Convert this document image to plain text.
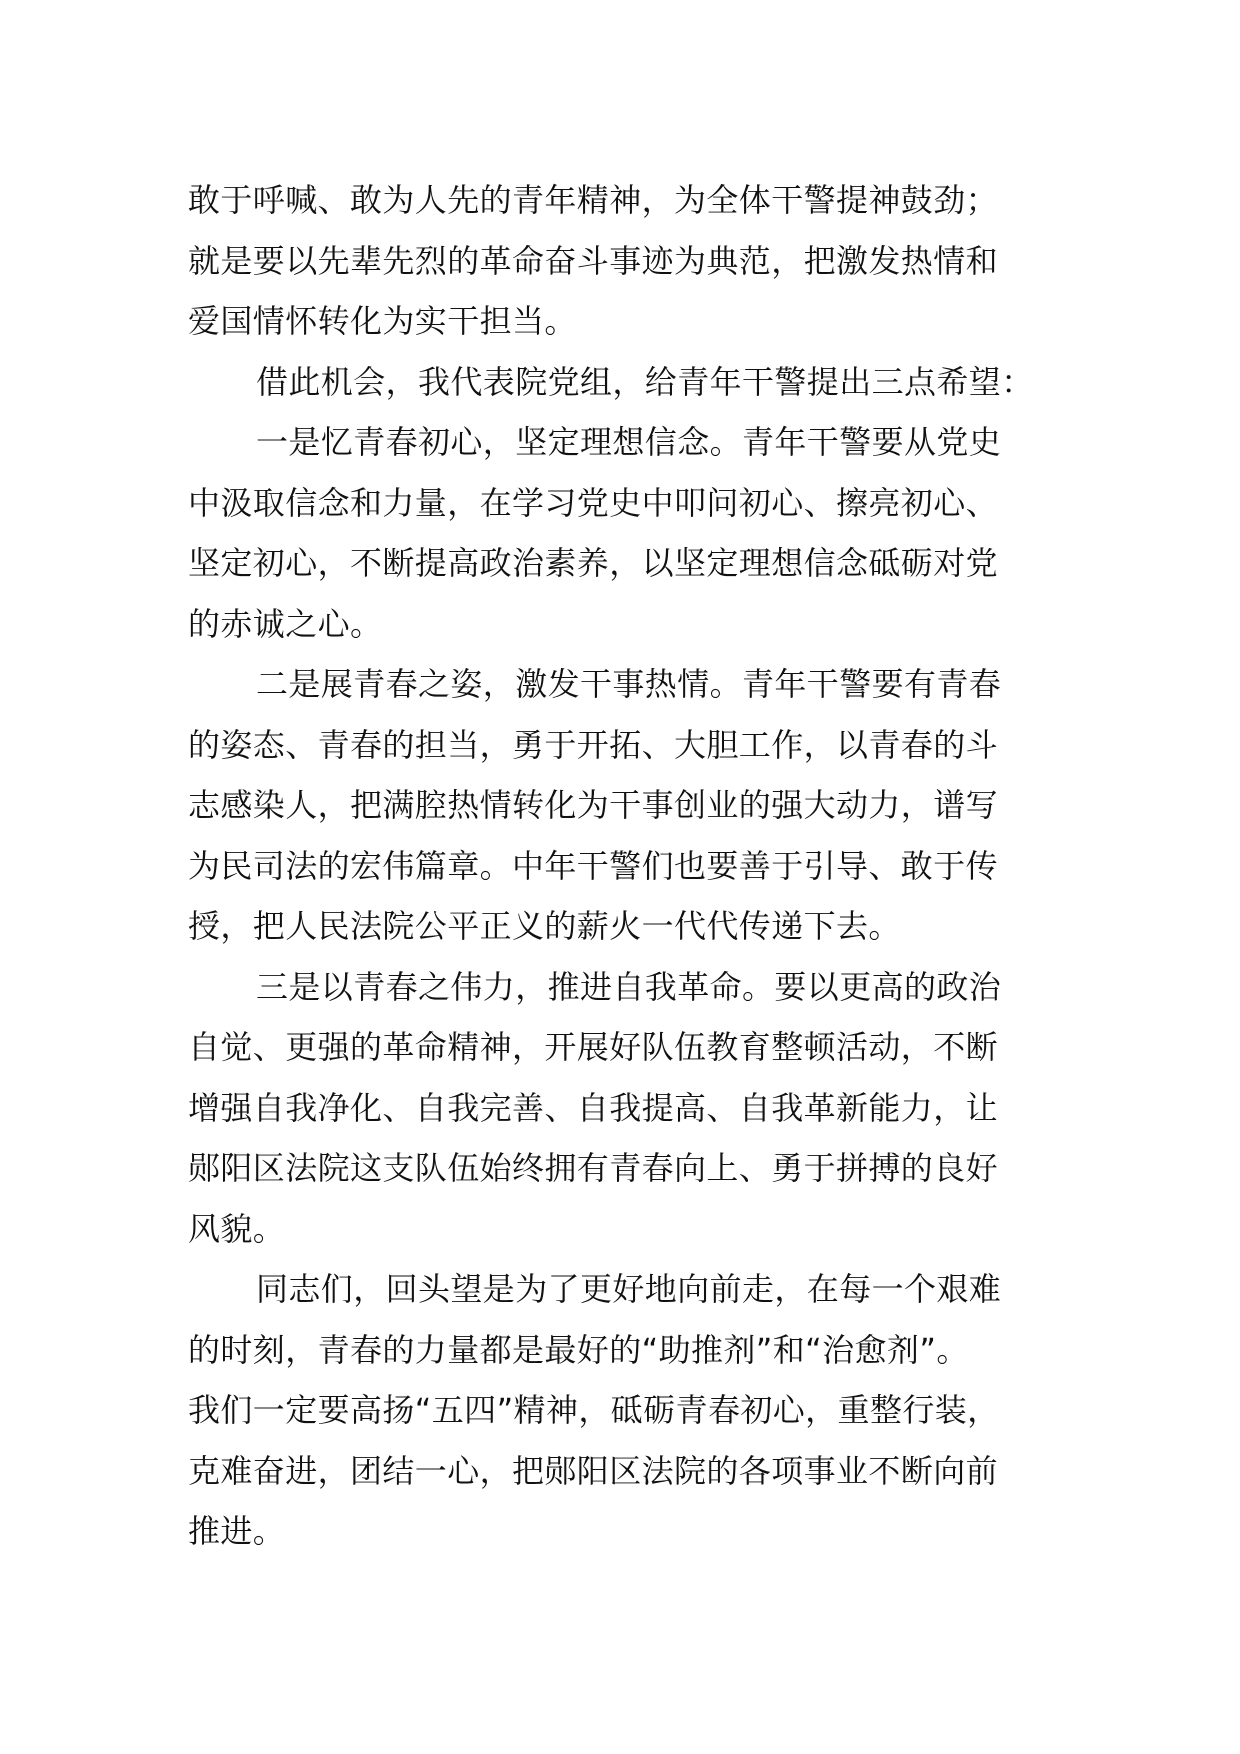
敢于呼喊、敢为人先的青年精神，为全体干警提神鼓劲；
就是要以先辈先烈的革命奋斗事迹为典范，把激发热情和
爱国情怀转化为实干担当。
借此机会，我代表院党组，给青年干警提出三点希望：
一是忆青春初心，坚定理想信念。青年干警要从党史
中汲取信念和力量，在学习党史中叩问初心、擦亮初心、
坚定初心，不断提高政治素养，以坚定理想信念砥砺对党
的赤诚之心。
二是展青春之姿，激发干事热情。青年干警要有青春
的姿态、青春的担当，勇于开拓、大胆工作，以青春的斗
志感染人，把满腔热情转化为干事创业的强大动力，谱写
为民司法的宏伟篇章。中年干警们也要善于引导、敢于传
授，把人民法院公平正义的薪火一代代传递下去。
三是以青春之伟力，推进自我革命。要以更高的政治
自觉、更强的革命精神，开展好队伍教育整顿活动，不断
增强自我净化、自我完善、自我提高、自我革新能力，让
郧阳区法院这支队伍始终拥有青春向上、勇于拼搏的良好
风貌。
同志们，回头望是为了更好地向前走，在每一个艰难
的时刻，青春的力量都是最好的“助推剂”和“治愈剂”。
我们一定要高扬“五四”精神，砥砺青春初心，重整行装，
克难奋进，团结一心，把郧阳区法院的各项事业不断向前
推进。
